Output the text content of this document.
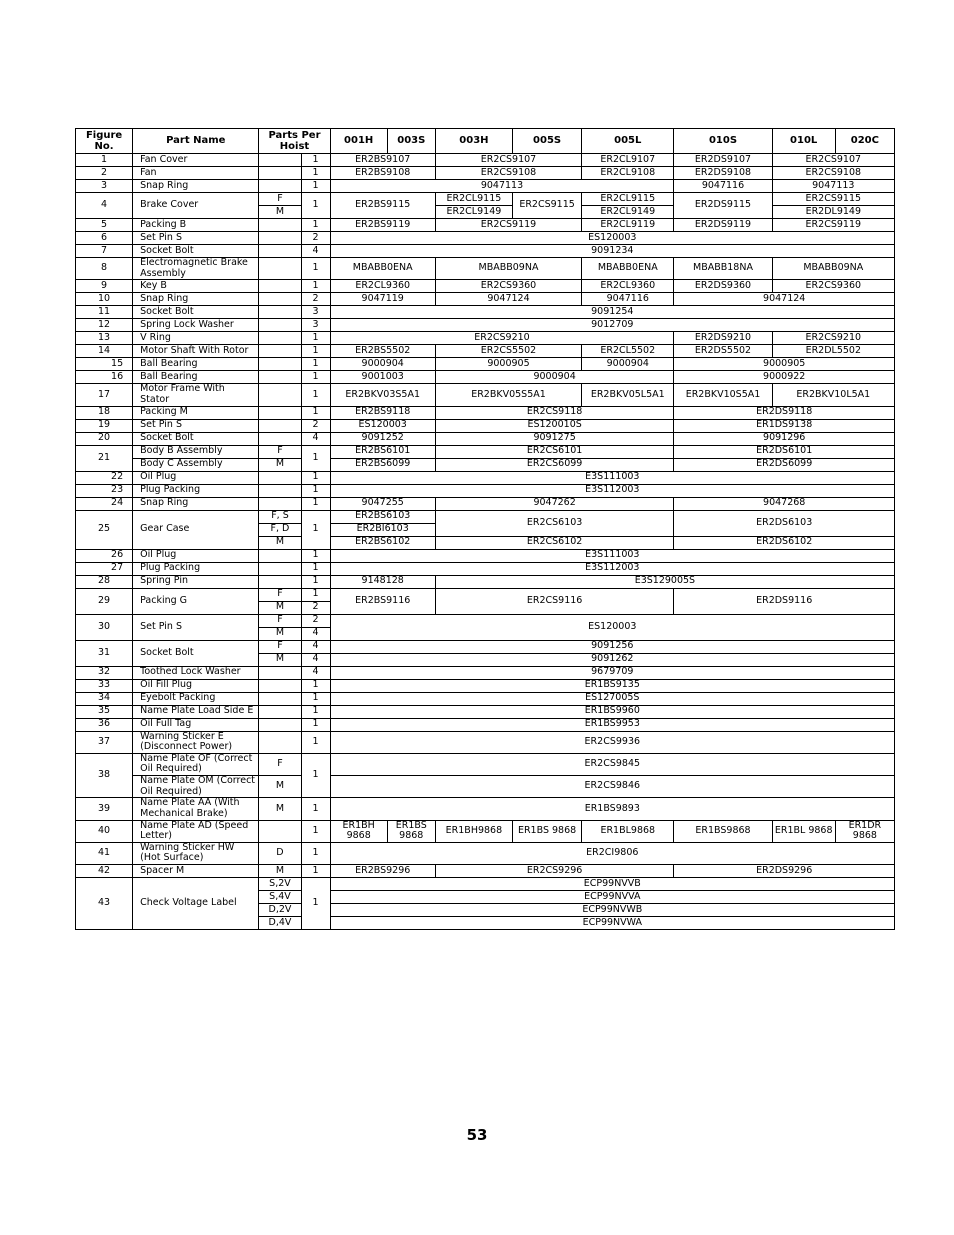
Figure No.	Part Name	Parts Per Hoist		001H	003S	003H	005S	005L	010S	010L	020C
1	Fan Cover		1	ER2BS9107		ER2CS9107		ER2CL9107	ER2DS9107	ER2CS9107	
2	Fan		1	ER2BS9108		ER2CS9108		ER2CL9108	ER2DS9108	ER2CS9108	
3	Snap Ring		1	9047113					9047116	9047113	
4	Brake Cover	F	1	ER2BS9115		ER2CL9115	ER2CS9115	ER2CL9115	ER2DS9115	ER2CS9115	
		M				ER2CL9149		ER2CL9149		ER2DL9149	
5	Packing B		1	ER2BS9119		ER2CS9119		ER2CL9119	ER2DS9119	ER2CS9119	
6	Set Pin S		2	ES120003							
7	Socket Bolt		4	9091234							
8	Electromagnetic Brake Assembly		1	MBABB0ENA		MBABB09NA		MBABB0ENA	MBABB18NA	MBABB09NA	
9	Key B		1	ER2CL9360		ER2CS9360		ER2CL9360	ER2DS9360	ER2CS9360	
10	Snap Ring		2	9047119		9047124		9047116	9047124		
11	Socket Bolt		3	9091254							
12	Spring Lock Washer		3	9012709							
13	V Ring		1	ER2CS9210					ER2DS9210	ER2CS9210	
14	Motor Shaft With Rotor		1	ER2BS5502		ER2CS5502		ER2CL5502	ER2DS5502	ER2DL5502	
15	Ball Bearing		1	9000904		9000905		9000904	9000905		
16	Ball Bearing		1	9001003		9000904			9000922		
17	Motor Frame With Stator		1	ER2BKV03S5A1		ER2BKV05S5A1		ER2BKV05L5A1	ER2BKV10S5A1	ER2BKV10L5A1	
18	Packing M		1	ER2BS9118		ER2CS9118			ER2DS9118		
19	Set Pin S		2	ES120003		ES120010S			ER1DS9138		
20	Socket Bolt		4	9091252		9091275			9091296		
21	Body B Assembly	F	1	ER2BS6101		ER2CS6101			ER2DS6101		
	Body C Assembly	M		ER2BS6099		ER2CS6099			ER2DS6099		
22	Oil Plug		1	E3S111003							
23	Plug Packing		1	E3S112003							
24	Snap Ring		1	9047255		9047262			9047268		
25	Gear Case	F, S	1	ER2BS6103		ER2CS6103			ER2DS6103		
		F, D		ER2BI6103							
		M		ER2BS6102		ER2CS6102			ER2DS6102		
26	Oil Plug		1	E3S111003							
27	Plug Packing		1	E3S112003							
28	Spring Pin		1	9148128		E3S129005S					
29	Packing G	F	1	ER2BS9116		ER2CS9116			ER2DS9116		
		M	2								
30	Set Pin S	F	2	ES120003							
		M	4								
31	Socket Bolt	F	4	9091256							
		M	4	9091262							
32	Toothed Lock Washer		4	9679709							
33	Oil Fill Plug		1	ER1BS9135							
34	Eyebolt Packing		1	ES127005S							
35	Name Plate Load Side E		1	ER1BS9960							
36	Oil Full Tag		1	ER1BS9953							
37	Warning Sticker E (Disconnect Power)		1	ER2CS9936							
38	Name Plate OF (Correct Oil Required)	F	1	ER2CS9845							
	Name Plate OM (Correct Oil Required)	M		ER2CS9846							
39	Name Plate AA (With Mechanical Brake)	M	1	ER1BS9893							
40	Name Plate AD (Speed Letter)		1	ER1BH 9868	ER1BS 9868	ER1BH9868	ER1BS 9868	ER1BL9868	ER1BS9868	ER1BL 9868	ER1DR 9868
41	Warning Sticker HW (Hot Surface)	D	1	ER2CI9806							
42	Spacer M	M	1	ER2BS9296		ER2CS9296			ER2DS9296		
43	Check Voltage Label	S,2V	1	ECP99NVVB							
		S,4V		ECP99NVVA							
		D,2V		ECP99NVWB							
		D,4V		ECP99NVWA							
53
